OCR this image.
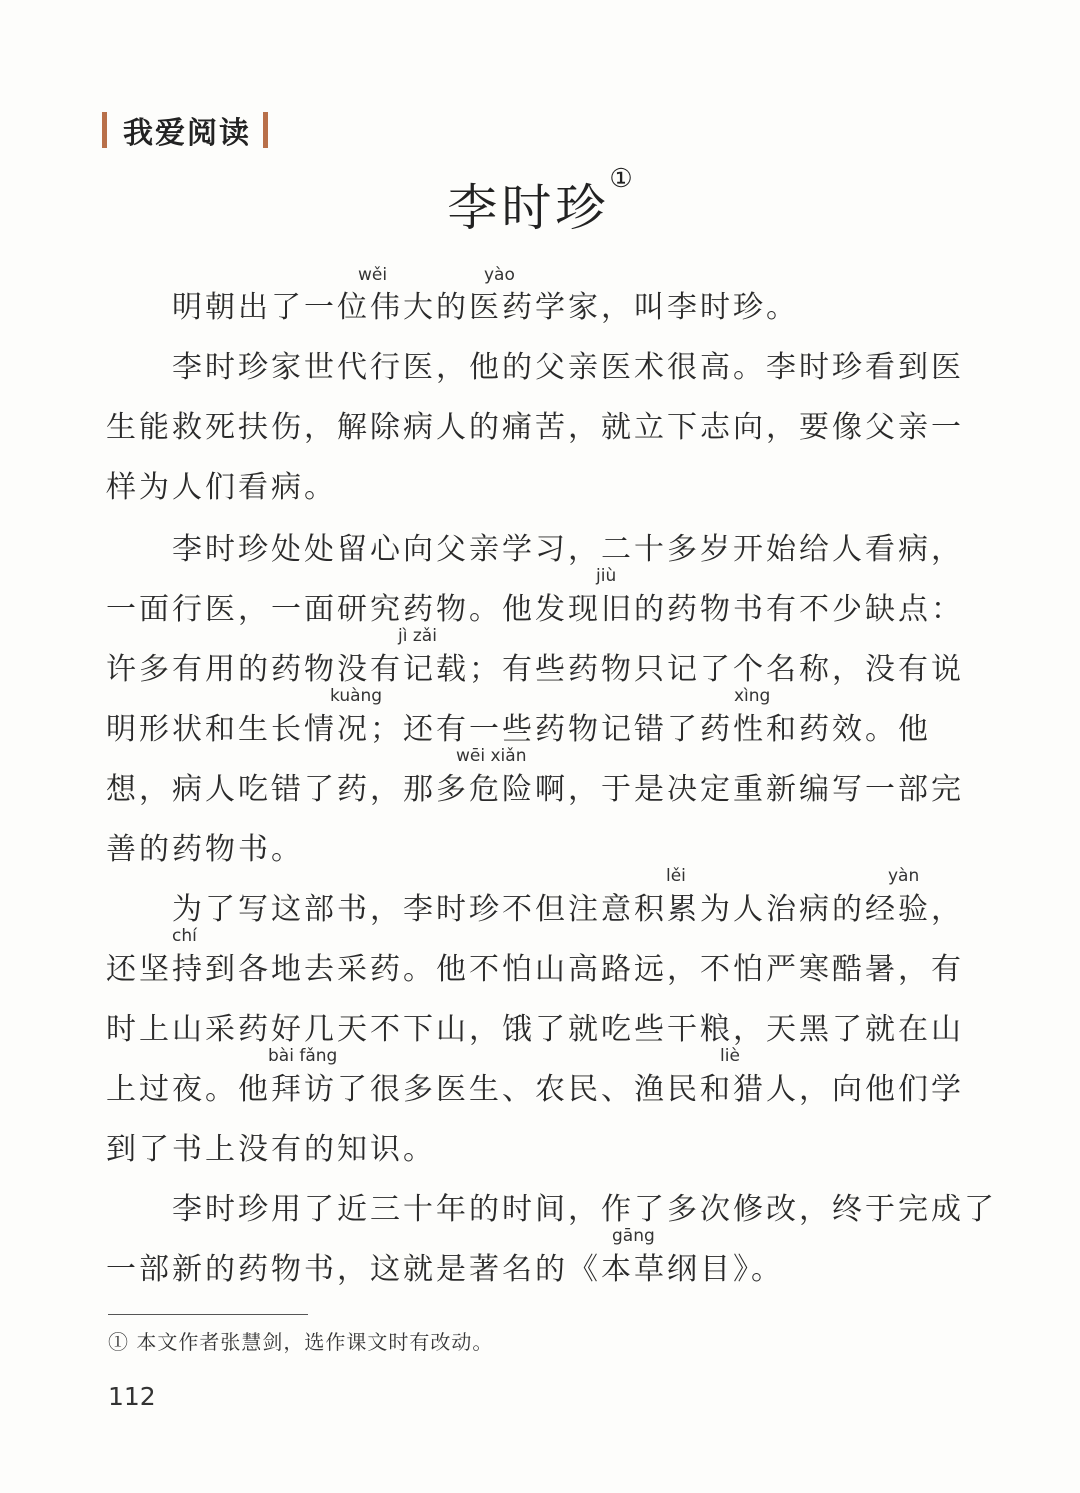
我爱阅读
李时珍①
明朝出了一位伟大的医药学家，叫李时珍。
李时珍家世代行医，他的父亲医术很高。李时珍看到医
生能救死扶伤，解除病人的痛苦，就立下志向，要像父亲一
样为人们看病。
李时珍处处留心向父亲学习，二十多岁开始给人看病，
一面行医，一面研究药物。他发现旧的药物书有不少缺点：
许多有用的药物没有记载；有些药物只记了个名称，没有说
明形状和生长情况；还有一些药物记错了药性和药效。他
想，病人吃错了药，那多危险啊，于是决定重新编写一部完
善的药物书。
为了写这部书，李时珍不但注意积累为人治病的经验，
还坚持到各地去采药。他不怕山高路远，不怕严寒酷暑，有
时上山采药好几天不下山，饿了就吃些干粮，天黑了就在山
上过夜。他拜访了很多医生、农民、渔民和猎人，向他们学
到了书上没有的知识。
李时珍用了近三十年的时间，作了多次修改，终于完成了
一部新的药物书，这就是著名的《本草纲目》。
wěi	yào
jiù
jì zǎi
kuàng	xìng
wēi xiǎn
lěi	yàn
chí
bài fǎng	liè
gāng
① 本文作者张慧剑，选作课文时有改动。
112
